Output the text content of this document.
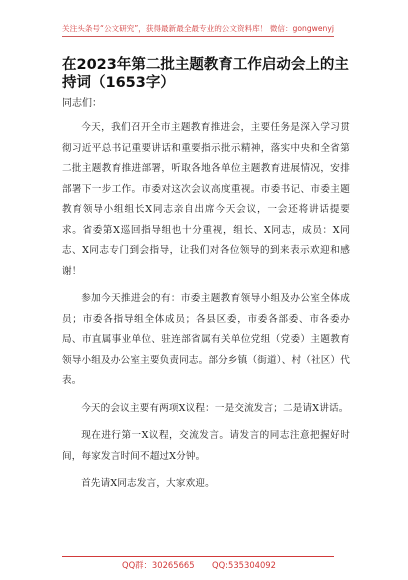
关注头条号“公文研究”，获得最新最全最专业的公文资料库！ 微信：gongwenyj
在2023年第二批主题教育工作启动会上的主持词（1653字）
同志们：

今天，我们召开全市主题教育推进会，主要任务是深入学习贯彻习近平总书记重要讲话和重要指示批示精神，落实中央和全省第二批主题教育推进部署，听取各地各单位主题教育进展情况，安排部署下一步工作。市委对这次会议高度重视。市委书记、市委主题教育领导小组组长X同志亲自出席今天会议，一会还将讲话提要求。省委第X巡回指导组也十分重视，组长、X同志，成员：X同志、X同志专门到会指导，让我们对各位领导的到来表示欢迎和感谢！

参加今天推进会的有：市委主题教育领导小组及办公室全体成员；市委各指导组全体成员；各县区委，市委各部委、市各委办局、市直属事业单位、驻连部省属有关单位党组（党委）主题教育领导小组及办公室主要负责同志。部分乡镇（街道）、村（社区）代表。

今天的会议主要有两项X议程：一是交流发言；二是请X讲话。

现在进行第一X议程，交流发言。请发言的同志注意把握好时间，每家发言时间不超过X分钟。

首先请X同志发言，大家欢迎。

QQ群：30265665 QQ:535304092
